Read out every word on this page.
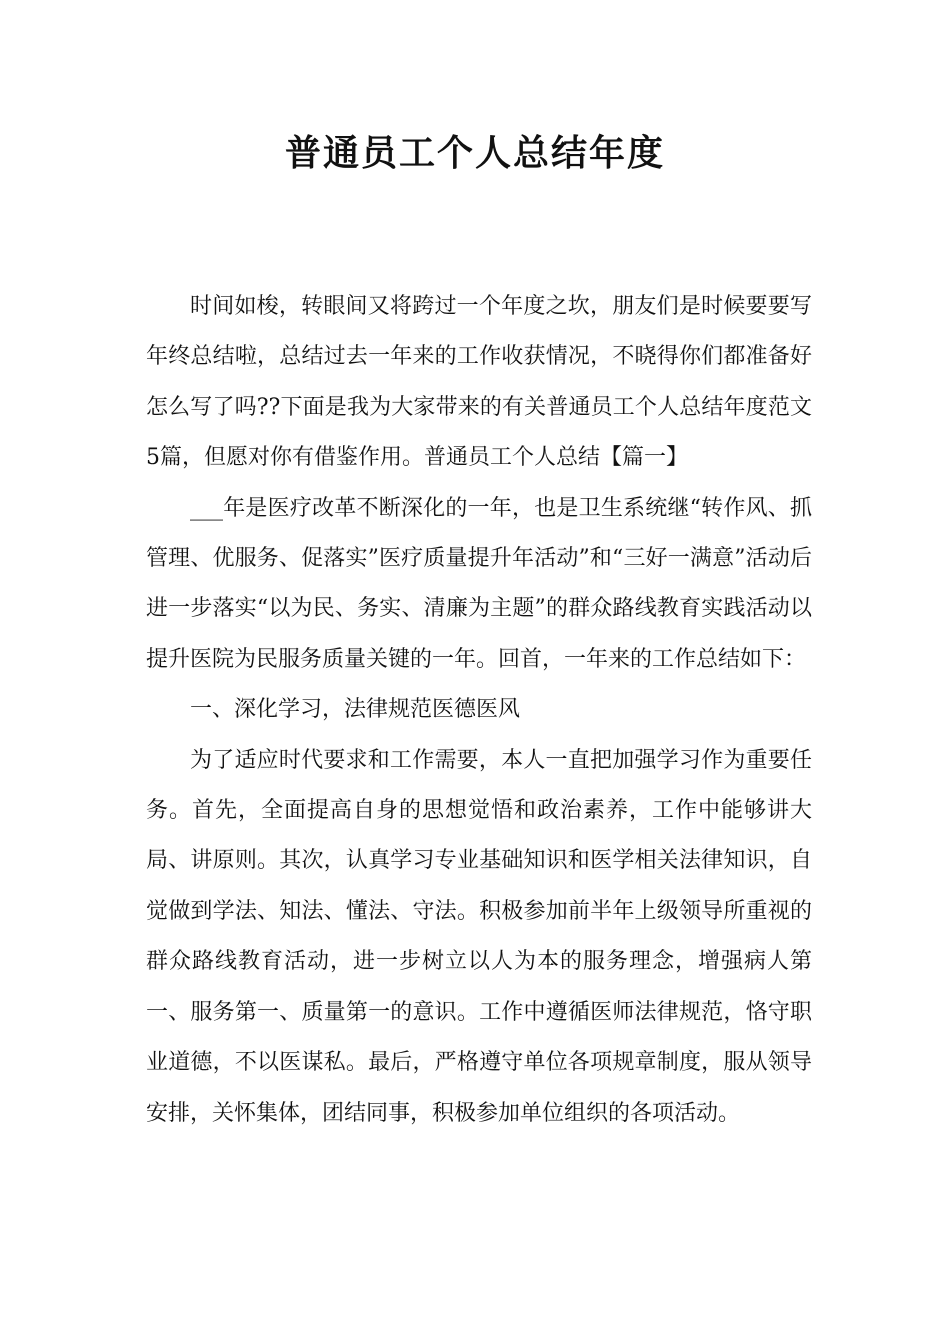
普通员工个人总结年度

时间如梭，转眼间又将跨过一个年度之坎，朋友们是时候要要写年终总结啦，总结过去一年来的工作收获情况，不晓得你们都准备好怎么写了吗??下面是我为大家带来的有关普通员工个人总结年度范文5篇，但愿对你有借鉴作用。普通员工个人总结【篇一】

___年是医疗改革不断深化的一年，也是卫生系统继“转作风、抓管理、优服务、促落实”医疗质量提升年活动”和“三好一满意”活动后进一步落实“以为民、务实、清廉为主题”的群众路线教育实践活动以提升医院为民服务质量关键的一年。回首，一年来的工作总结如下：

一、深化学习，法律规范医德医风

为了适应时代要求和工作需要，本人一直把加强学习作为重要任务。首先，全面提高自身的思想觉悟和政治素养，工作中能够讲大局、讲原则。其次，认真学习专业基础知识和医学相关法律知识，自觉做到学法、知法、懂法、守法。积极参加前半年上级领导所重视的群众路线教育活动，进一步树立以人为本的服务理念，增强病人第一、服务第一、质量第一的意识。工作中遵循医师法律规范，恪守职业道德，不以医谋私。最后，严格遵守单位各项规章制度，服从领导安排，关怀集体，团结同事，积极参加单位组织的各项活动。
